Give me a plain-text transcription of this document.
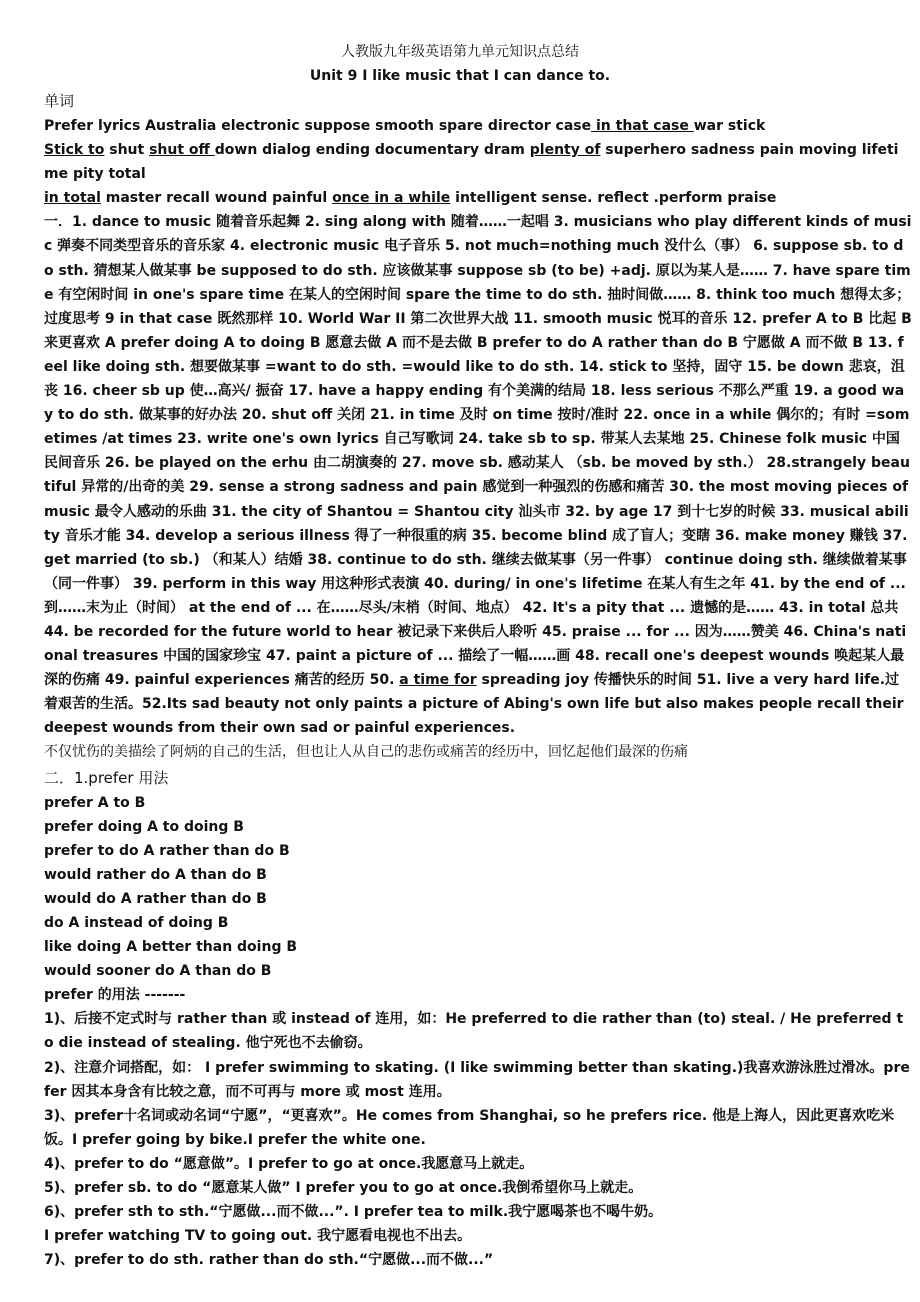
人教版九年级英语第九单元知识点总结
Unit 9 I like music that I can dance to.
单词
Prefer lyrics Australia electronic suppose smooth spare director case in that case war stick
Stick to shut shut off down dialog ending documentary dram plenty of superhero sadness pain moving lifetime pity total
in total master recall wound painful once in a while intelligent sense. reflect .perform praise
一．1. dance to music 随着音乐起舞 2. sing along with 随着……一起唱 3. musicians who play different kinds of music 弹奏不同类型音乐的音乐家 4. electronic music 电子音乐 5. not much=nothing much 没什么（事） 6. suppose sb. to do sth. 猜想某人做某事 be supposed to do sth. 应该做某事 suppose sb (to be) +adj. 原以为某人是…… 7. have spare time 有空闲时间 in one's spare time 在某人的空闲时间 spare the time to do sth. 抽时间做…… 8. think too much 想得太多；过度思考 9 in that case 既然那样 10. World War II 第二次世界大战 11. smooth music 悦耳的音乐 12. prefer A to B 比起 B 来更喜欢 A prefer doing A to doing B 愿意去做 A 而不是去做 B prefer to do A rather than do B 宁愿做 A 而不做 B 13. feel like doing sth. 想要做某事 =want to do sth. =would like to do sth. 14. stick to 坚持，固守 15. be down 悲哀，沮丧 16. cheer sb up 使…高兴/ 振奋 17. have a happy ending 有个美满的结局 18. less serious 不那么严重 19. a good way to do sth. 做某事的好办法 20. shut off 关闭 21. in time 及时 on time 按时/准时 22. once in a while 偶尔的；有时 =sometimes /at times 23. write one's own lyrics 自己写歌词 24. take sb to sp. 带某人去某地 25. Chinese folk music 中国民间音乐 26. be played on the erhu 由二胡演奏的 27. move sb. 感动某人 （sb. be moved by sth.） 28.strangely beautiful 异常的/出奇的美 29. sense a strong sadness and pain 感觉到一种强烈的伤感和痛苦 30. the most moving pieces of music 最令人感动的乐曲 31. the city of Shantou = Shantou city 汕头市 32. by age 17 到十七岁的时候 33. musical ability 音乐才能 34. develop a serious illness 得了一种很重的病 35. become blind 成了盲人；变瞎 36. make money 赚钱 37. get married (to sb.) （和某人）结婚 38. continue to do sth. 继续去做某事（另一件事） continue doing sth. 继续做着某事（同一件事） 39. perform in this way 用这种形式表演 40. during/ in one's lifetime 在某人有生之年 41. by the end of ... 到……末为止（时间） at the end of ... 在……尽头/末梢（时间、地点） 42. It's a pity that ... 遗憾的是…… 43. in total 总共 44. be recorded for the future world to hear 被记录下来供后人聆听 45. praise ... for ... 因为……赞美 46. China's national treasures 中国的国家珍宝 47. paint a picture of ... 描绘了一幅……画 48. recall one's deepest wounds 唤起某人最深的伤痛 49. painful experiences 痛苦的经历 50. a time for spreading joy 传播快乐的时间 51. live a very hard life.过着艰苦的生活。52.Its sad beauty not only paints a picture of Abing's own life but also makes people recall their deepest wounds from their own sad or painful experiences.
不仅忧伤的美描绘了阿炳的自己的生活，但也让人从自己的悲伤或痛苦的经历中，回忆起他们最深的伤痛
二．1.prefer 用法
prefer A to B
prefer doing A to doing B
prefer to do A rather than do B
would rather do A than do B
would do A rather than do B
do A instead of doing B
like doing A better than doing B
would sooner do A than do B
prefer 的用法 -------
1)、后接不定式时与 rather than 或 instead of 连用，如：He preferred to die rather than (to) steal. / He preferred to die instead of stealing. 他宁死也不去偷窃。
2)、注意介词搭配，如： I prefer swimming to skating. (I like swimming better than skating.)我喜欢游泳胜过滑冰。prefer 因其本身含有比较之意，而不可再与 more 或 most 连用。
3)、prefer十名词或动名词“宁愿”，“更喜欢”。He comes from Shanghai, so he prefers rice. 他是上海人，因此更喜欢吃米饭。I prefer going by bike.I prefer the white one.
4)、prefer to do “愿意做”。I prefer to go at once.我愿意马上就走。
5)、prefer sb. to do “愿意某人做” I prefer you to go at once.我倒希望你马上就走。
6)、prefer sth to sth.“宁愿做...而不做...”. I prefer tea to milk.我宁愿喝茶也不喝牛奶。
I prefer watching TV to going out. 我宁愿看电视也不出去。
7)、prefer to do sth. rather than do sth.“宁愿做...而不做...”
